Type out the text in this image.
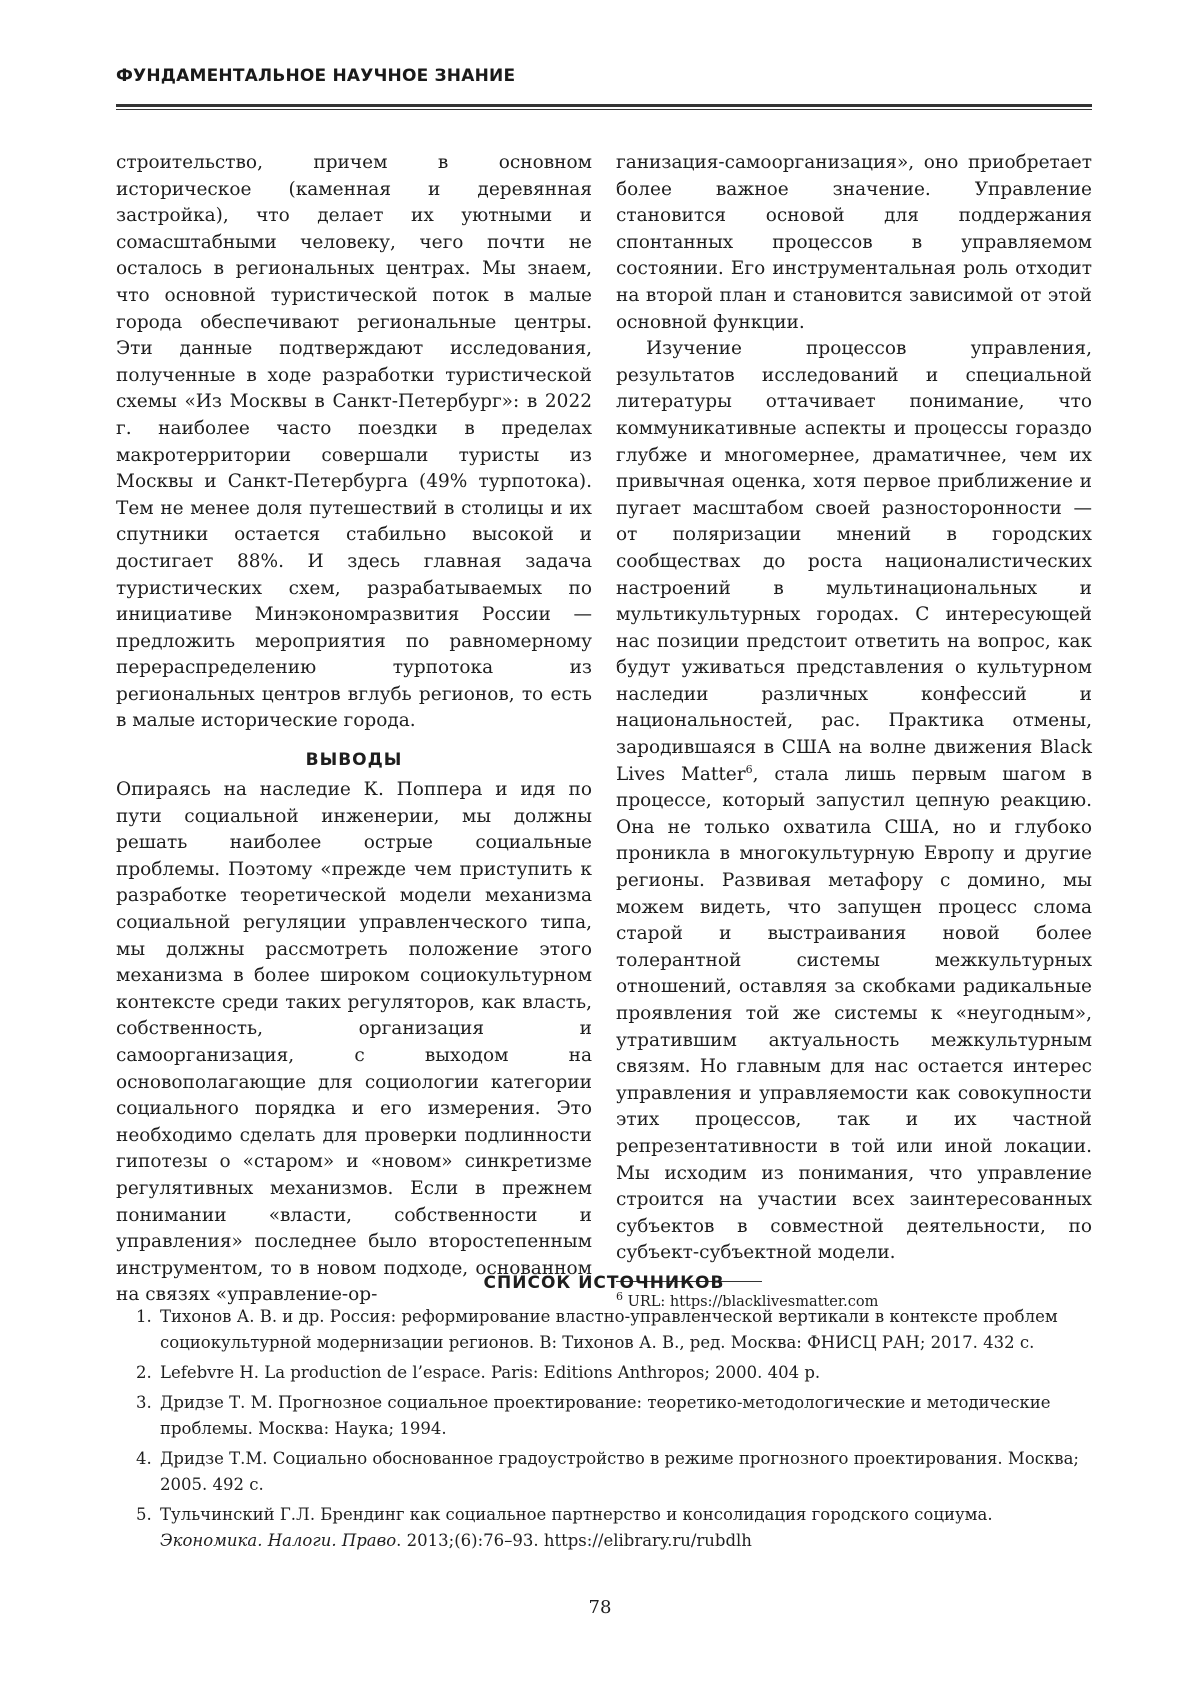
ФУНДАМЕНТАЛЬНОЕ НАУЧНОЕ ЗНАНИЕ

строительство, причем в основном историческое (каменная и деревянная застройка), что делает их уютными и сомасштабными человеку, чего почти не осталось в региональных центрах. Мы знаем, что основной туристической поток в малые города обеспечивают региональные центры. Эти данные подтверждают исследования, полученные в ходе разработки туристической схемы «Из Москвы в Санкт-Петербург»: в 2022 г. наиболее часто поездки в пределах макротерритории совершали туристы из Москвы и Санкт-Петербурга (49% турпотока). Тем не менее доля путешествий в столицы и их спутники остается стабильно высокой и достигает 88%. И здесь главная задача туристических схем, разрабатываемых по инициативе Минэкономразвития России — предложить мероприятия по равномерному перераспределению турпотока из региональных центров вглубь регионов, то есть в малые исторические города.

ВЫВОДЫ

Опираясь на наследие К. Поппера и идя по пути социальной инженерии, мы должны решать наиболее острые социальные проблемы. Поэтому «прежде чем приступить к разработке теоретической модели механизма социальной регуляции управленческого типа, мы должны рассмотреть положение этого механизма в более широком социокультурном контексте среди таких регуляторов, как власть, собственность, организация и самоорганизация, с выходом на основополагающие для социологии категории социального порядка и его измерения. Это необходимо сделать для проверки подлинности гипотезы о «старом» и «новом» синкретизме регулятивных механизмов. Если в прежнем понимании «власти, собственности и управления» последнее было второстепенным инструментом, то в новом подходе, основанном на связях «управление-ор-

ганизация-самоорганизация», оно приобретает более важное значение. Управление становится основой для поддержания спонтанных процессов в управляемом состоянии. Его инструментальная роль отходит на второй план и становится зависимой от этой основной функции.

Изучение процессов управления, результатов исследований и специальной литературы оттачивает понимание, что коммуникативные аспекты и процессы гораздо глубже и многомернее, драматичнее, чем их привычная оценка, хотя первое приближение и пугает масштабом своей разносторонности — от поляризации мнений в городских сообществах до роста националистических настроений в мультинациональных и мультикультурных городах. С интересующей нас позиции предстоит ответить на вопрос, как будут уживаться представления о культурном наследии различных конфессий и национальностей, рас. Практика отмены, зародившаяся в США на волне движения Black Lives Matter$^6$, стала лишь первым шагом в процессе, который запустил цепную реакцию. Она не только охватила США, но и глубоко проникла в многокультурную Европу и другие регионы. Развивая метафору с домино, мы можем видеть, что запущен процесс слома старой и выстраивания новой более толерантной системы межкультурных отношений, оставляя за скобками радикальные проявления той же системы к «неугодным», утратившим актуальность межкультурным связям. Но главным для нас остается интерес управления и управляемости как совокупности этих процессов, так и их частной репрезентативности в той или иной локации. Мы исходим из понимания, что управление строится на участии всех заинтересованных субъектов в совместной деятельности, по субъект-субъектной модели.

$^6$ URL: https://blacklivesmatter.com
СПИСОК ИСТОЧНИКОВ
1. Тихонов А. В. и др. Россия: реформирование властно-управленческой вертикали в контексте проблем социокультурной модернизации регионов. В: Тихонов А. В., ред. Москва: ФНИСЦ РАН; 2017. 432 с.
2. Lefebvre H. La production de l’espace. Paris: Editions Anthropos; 2000. 404 p.
3. Дридзе Т. М. Прогнозное социальное проектирование: теоретико-методологические и методические проблемы. Москва: Наука; 1994.
4. Дридзе Т.М. Социально обоснованное градоустройство в режиме прогнозного проектирования. Москва; 2005. 492 с.
5. Тульчинский Г.Л. Брендинг как социальное партнерство и консолидация городского социума. Экономика. Налоги. Право. 2013;(6):76–93. https://elibrary.ru/rubdlh
78
